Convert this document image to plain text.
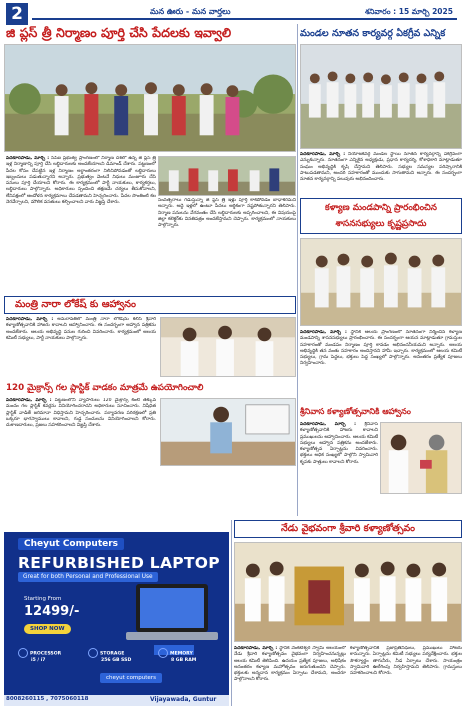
2	మన ఊరు - మన వార్తలు	శనివారం : 15 మార్చి 2025
జి ప్లస్ త్రీ నిర్మాణం పూర్తి చేసి పేదలకు ఇవ్వాలి
పెదకూరపాడు, మార్చి : సీపీఐ ప్రభుత్వ ప్రాంగణంలో నిర్మాణ దశలో ఉన్న జి ప్లస్ త్రీ ఇళ్ల నిర్మాణాన్ని పూర్తి చేసి లబ్ధిదారులకు అందజేయాలని డిమాండ్ చేశారు. పట్టణంలో పేదల కోసం చేపట్టిన ఇళ్ల నిర్మాణం అర్ధాంతరంగా నిలిచిపోవడంతో లబ్ధిదారులు ఇబ్బందులు పడుతున్నారని అన్నారు. ప్రభుత్వం వెంటనే నిధులు మంజూరు చేసి పనులు పూర్తి చేయాలని కోరారు. ఈ కార్యక్రమంలో పార్టీ నాయకులు, కార్యకర్తలు, లబ్ధిదారులు పాల్గొన్నారు. అధికారులు స్పందించి తక్షణమే చర్యలు తీసుకోవాలని, లేనిపక్షంలో ఆందోళన కార్యక్రమాలు చేపడతామని హెచ్చరించారు. పేదల సొంతింటి కల నెరవేర్చాలని, మౌలిక వసతులు కల్పించాలని వారు విజ్ఞప్తి చేశారు.	సంవత్సరాలు గడుస్తున్నా జి ప్లస్ త్రీ ఇళ్లు పూర్తి కాకపోవడం బాధాకరమని అన్నారు. అద్దె ఇళ్లలో ఉంటూ పేదలు ఆర్థికంగా నష్టపోతున్నారని తెలిపారు. నిర్మాణ పనులను వేగవంతం చేసి లబ్ధిదారులకు అప్పగించాలని, ఈ విషయంపై జిల్లా కలెక్టర్‌కు వినతిపత్రం అందజేస్తామని చెప్పారు. కార్యక్రమంలో నాయకులు పాల్గొన్నారు.
మండల నూతన కార్యవర్గ ఏకగ్రీవ ఎన్నిక
పెదకూరపాడు, మార్చి : నియోజకవర్గ మండల స్థాయి నూతన కార్యవర్గాన్ని ఏకగ్రీవంగా ఎన్నుకున్నారు. నూతనంగా ఎన్నికైన అధ్యక్షుడు, ప్రధాన కార్యదర్శి, కోశాధికారి మాట్లాడుతూ సంఘం అభివృద్ధికి కృషి చేస్తామని తెలిపారు. సభ్యుల సమస్యల పరిష్కారానికి పాటుపడతామని, అందరి సహకారంతో ముందుకు సాగుతామని అన్నారు. ఈ సందర్భంగా నూతన కార్యవర్గాన్ని పలువురు అభినందించారు.
కళ్యాణ మండపాన్ని ప్రారంభించిన
శాసనసభ్యులు కృష్ణప్రసాదు
పెదకూరపాడు, మార్చి : స్థానిక ఆలయ ప్రాంగణంలో నూతనంగా నిర్మించిన కళ్యాణ మండపాన్ని శాసనసభ్యులు ప్రారంభించారు. ఈ సందర్భంగా ఆయన మాట్లాడుతూ గ్రామస్తుల సహకారంతో మండపం నిర్మాణం పూర్తి కావడం అభినందనీయమని అన్నారు. ఆలయ అభివృద్ధికి తన వంతు సహకారం అందిస్తానని హామీ ఇచ్చారు. కార్యక్రమంలో ఆలయ కమిటీ సభ్యులు, గ్రామ పెద్దలు, భక్తులు పెద్ద సంఖ్యలో పాల్గొన్నారు. అనంతరం ప్రత్యేక పూజలు నిర్వహించారు.
మంత్రి నారా లోకేష్ కు ఆహ్వానం
పెదకూరపాడు, మార్చి : అమరావతిలో మంత్రి నారా లోకేష్‌ను కలిసి శ్రీవారి కళ్యాణోత్సవానికి హాజరు కావాలని ఆహ్వానించారు. ఈ సందర్భంగా ఆహ్వాన పత్రికను అందజేశారు. ఆలయ అభివృద్ధి పనుల గురించి వివరించారు. కార్యక్రమంలో ఆలయ కమిటీ సభ్యులు, పార్టీ నాయకులు పాల్గొన్నారు.
120 మైక్రాన్స్ గల ప్లాస్టిక్ వాడకం మాత్రమే ఉపయోగించాలి
పెదకూరపాడు, మార్చి : పట్టణంలోని వ్యాపారులు 120 మైక్రాన్స్ కంటే తక్కువ మందం గల ప్లాస్టిక్ కవర్లను వినియోగించరాదని అధికారులు సూచించారు. నిషేధిత ప్లాస్టిక్ వాడితే జరిమానా విధిస్తామని హెచ్చరించారు. పర్యావరణ పరిరక్షణలో ప్రతి ఒక్కరూ భాగస్వాములు కావాలని, గుడ్డ సంచులను వినియోగించాలని కోరారు. దుకాణదారులు, ప్రజలు సహకరించాలని విజ్ఞప్తి చేశారు.
శ్రీనివాస కళ్యాణోత్సవానికి ఆహ్వానం
పెదకూరపాడు, మార్చి : శ్రీనివాస కళ్యాణోత్సవానికి హాజరు కావాలని ప్రముఖులను ఆహ్వానించారు. ఆలయ కమిటీ సభ్యులు ఆహ్వాన పత్రికను అందజేశారు. కళ్యాణోత్సవ ఏర్పాట్లను వివరించారు. భక్తులు అధిక సంఖ్యలో పాల్గొని స్వామివారి కృపకు పాత్రులు కావాలని కోరారు.
నేడు వైభవంగా శ్రీవారి కళ్యాణోత్సవం
పెదకూరపాడు, మార్చి : స్థానిక వేంకటేశ్వర స్వామి ఆలయంలో నేడు శ్రీవారి కళ్యాణోత్సవం వైభవంగా నిర్వహించనున్నట్లు ఆలయ కమిటీ తెలిపింది. ఉదయం ప్రత్యేక పూజలు, అభిషేకం అనంతరం కళ్యాణ మహోత్సవం జరుగుతుందని చెప్పారు. భక్తులకు అన్నదాన కార్యక్రమం ఏర్పాటు చేశామని, అందరూ పాల్గొనాలని కోరారు.
కళ్యాణోత్సవానికి ప్రజాప్రతినిధులు, ప్రముఖులు హాజరు కానున్నారు. ఏర్పాట్లను కమిటీ సభ్యులు పర్యవేక్షించారు. భక్తుల సౌకర్యార్థం తాగునీరు, నీడ ఏర్పాటు చేశారు. సాయంత్రం స్వామివారి ఊరేగింపు నిర్వహిస్తామని తెలిపారు. గ్రామస్తులు సహకరించాలని కోరారు.
Cheyut Computers
REFURBISHED LAPTOP
Great for both Personal and Professional Use
Starting From
12499/-
SHOP NOW
PROCESSOR
i5 / i7
STORAGE
256 GB SSD
MEMORY
8 GB RAM
cheyut computers
8008260115 , 7075060118	Vijayawada, Guntur
